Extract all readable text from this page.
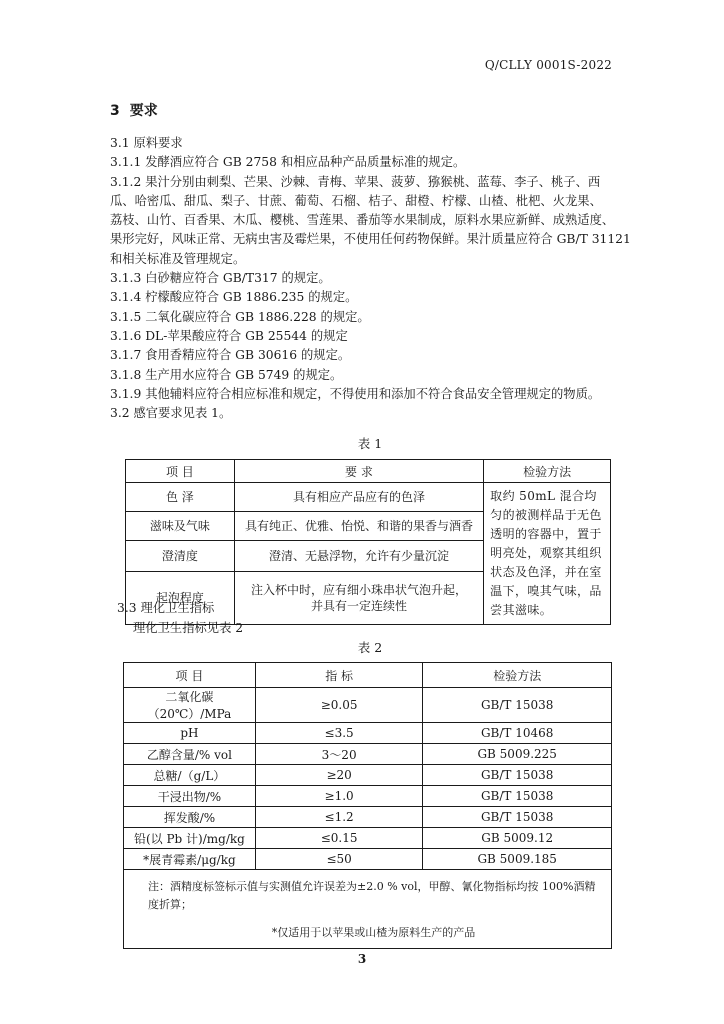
Q/CLLY 0001S-2022
3 要求

3.1 原料要求

3.1.1 发酵酒应符合 GB 2758 和相应品种产品质量标准的规定。

3.1.2 果汁分别由刺梨、芒果、沙棘、青梅、苹果、菠萝、猕猴桃、蓝莓、李子、桃子、西

瓜、哈密瓜、甜瓜、梨子、甘蔗、葡萄、石榴、桔子、甜橙、柠檬、山楂、枇杷、火龙果、

荔枝、山竹、百香果、木瓜、樱桃、雪莲果、番茄等水果制成，原料水果应新鲜、成熟适度、

果形完好，风味正常、无病虫害及霉烂果，不使用任何药物保鲜。果汁质量应符合 GB/T 31121

和相关标准及管理规定。

3.1.3 白砂糖应符合 GB/T317 的规定。

3.1.4 柠檬酸应符合 GB 1886.235 的规定。

3.1.5 二氧化碳应符合 GB 1886.228 的规定。

3.1.6 DL-苹果酸应符合 GB 25544 的规定

3.1.7 食用香精应符合 GB 30616 的规定。

3.1.8 生产用水应符合 GB 5749 的规定。

3.1.9 其他辅料应符合相应标准和规定，不得使用和添加不符合食品安全管理规定的物质。

3.2 感官要求见表 1。

表 1
项 目	要 求	检验方法
色 泽	具有相应产品应有的色泽	取约 50mL 混合均匀的被测样品于无色透明的容器中，置于明亮处，观察其组织状态及色泽，并在室温下，嗅其气味，品尝其滋味。
滋味及气味	具有纯正、优雅、怡悦、和谐的果香与酒香	
澄清度	澄清、无悬浮物，允许有少量沉淀	
起泡程度	注入杯中时，应有细小珠串状气泡升起，
并具有一定连续性	
3.3 理化卫生指标
理化卫生指标见表 2
表 2
项 目	指 标	检验方法
二氧化碳（20℃）/MPa	≥0.05	GB/T 15038
pH	≤3.5	GB/T 10468
乙醇含量/% vol	3～20	GB 5009.225
总糖/（g/L）	≥20	GB/T 15038
干浸出物/%	≥1.0	GB/T 15038
挥发酸/%	≤1.2	GB/T 15038
铅(以 Pb 计)/mg/kg	≤0.15	GB 5009.12
*展青霉素/μg/kg	≤50	GB 5009.185

注：酒精度标签标示值与实测值允许误差为±2.0 % vol，甲醇、氰化物指标均按 100%酒精度折算；
*仅适用于以苹果或山楂为原料生产的产品		
3
